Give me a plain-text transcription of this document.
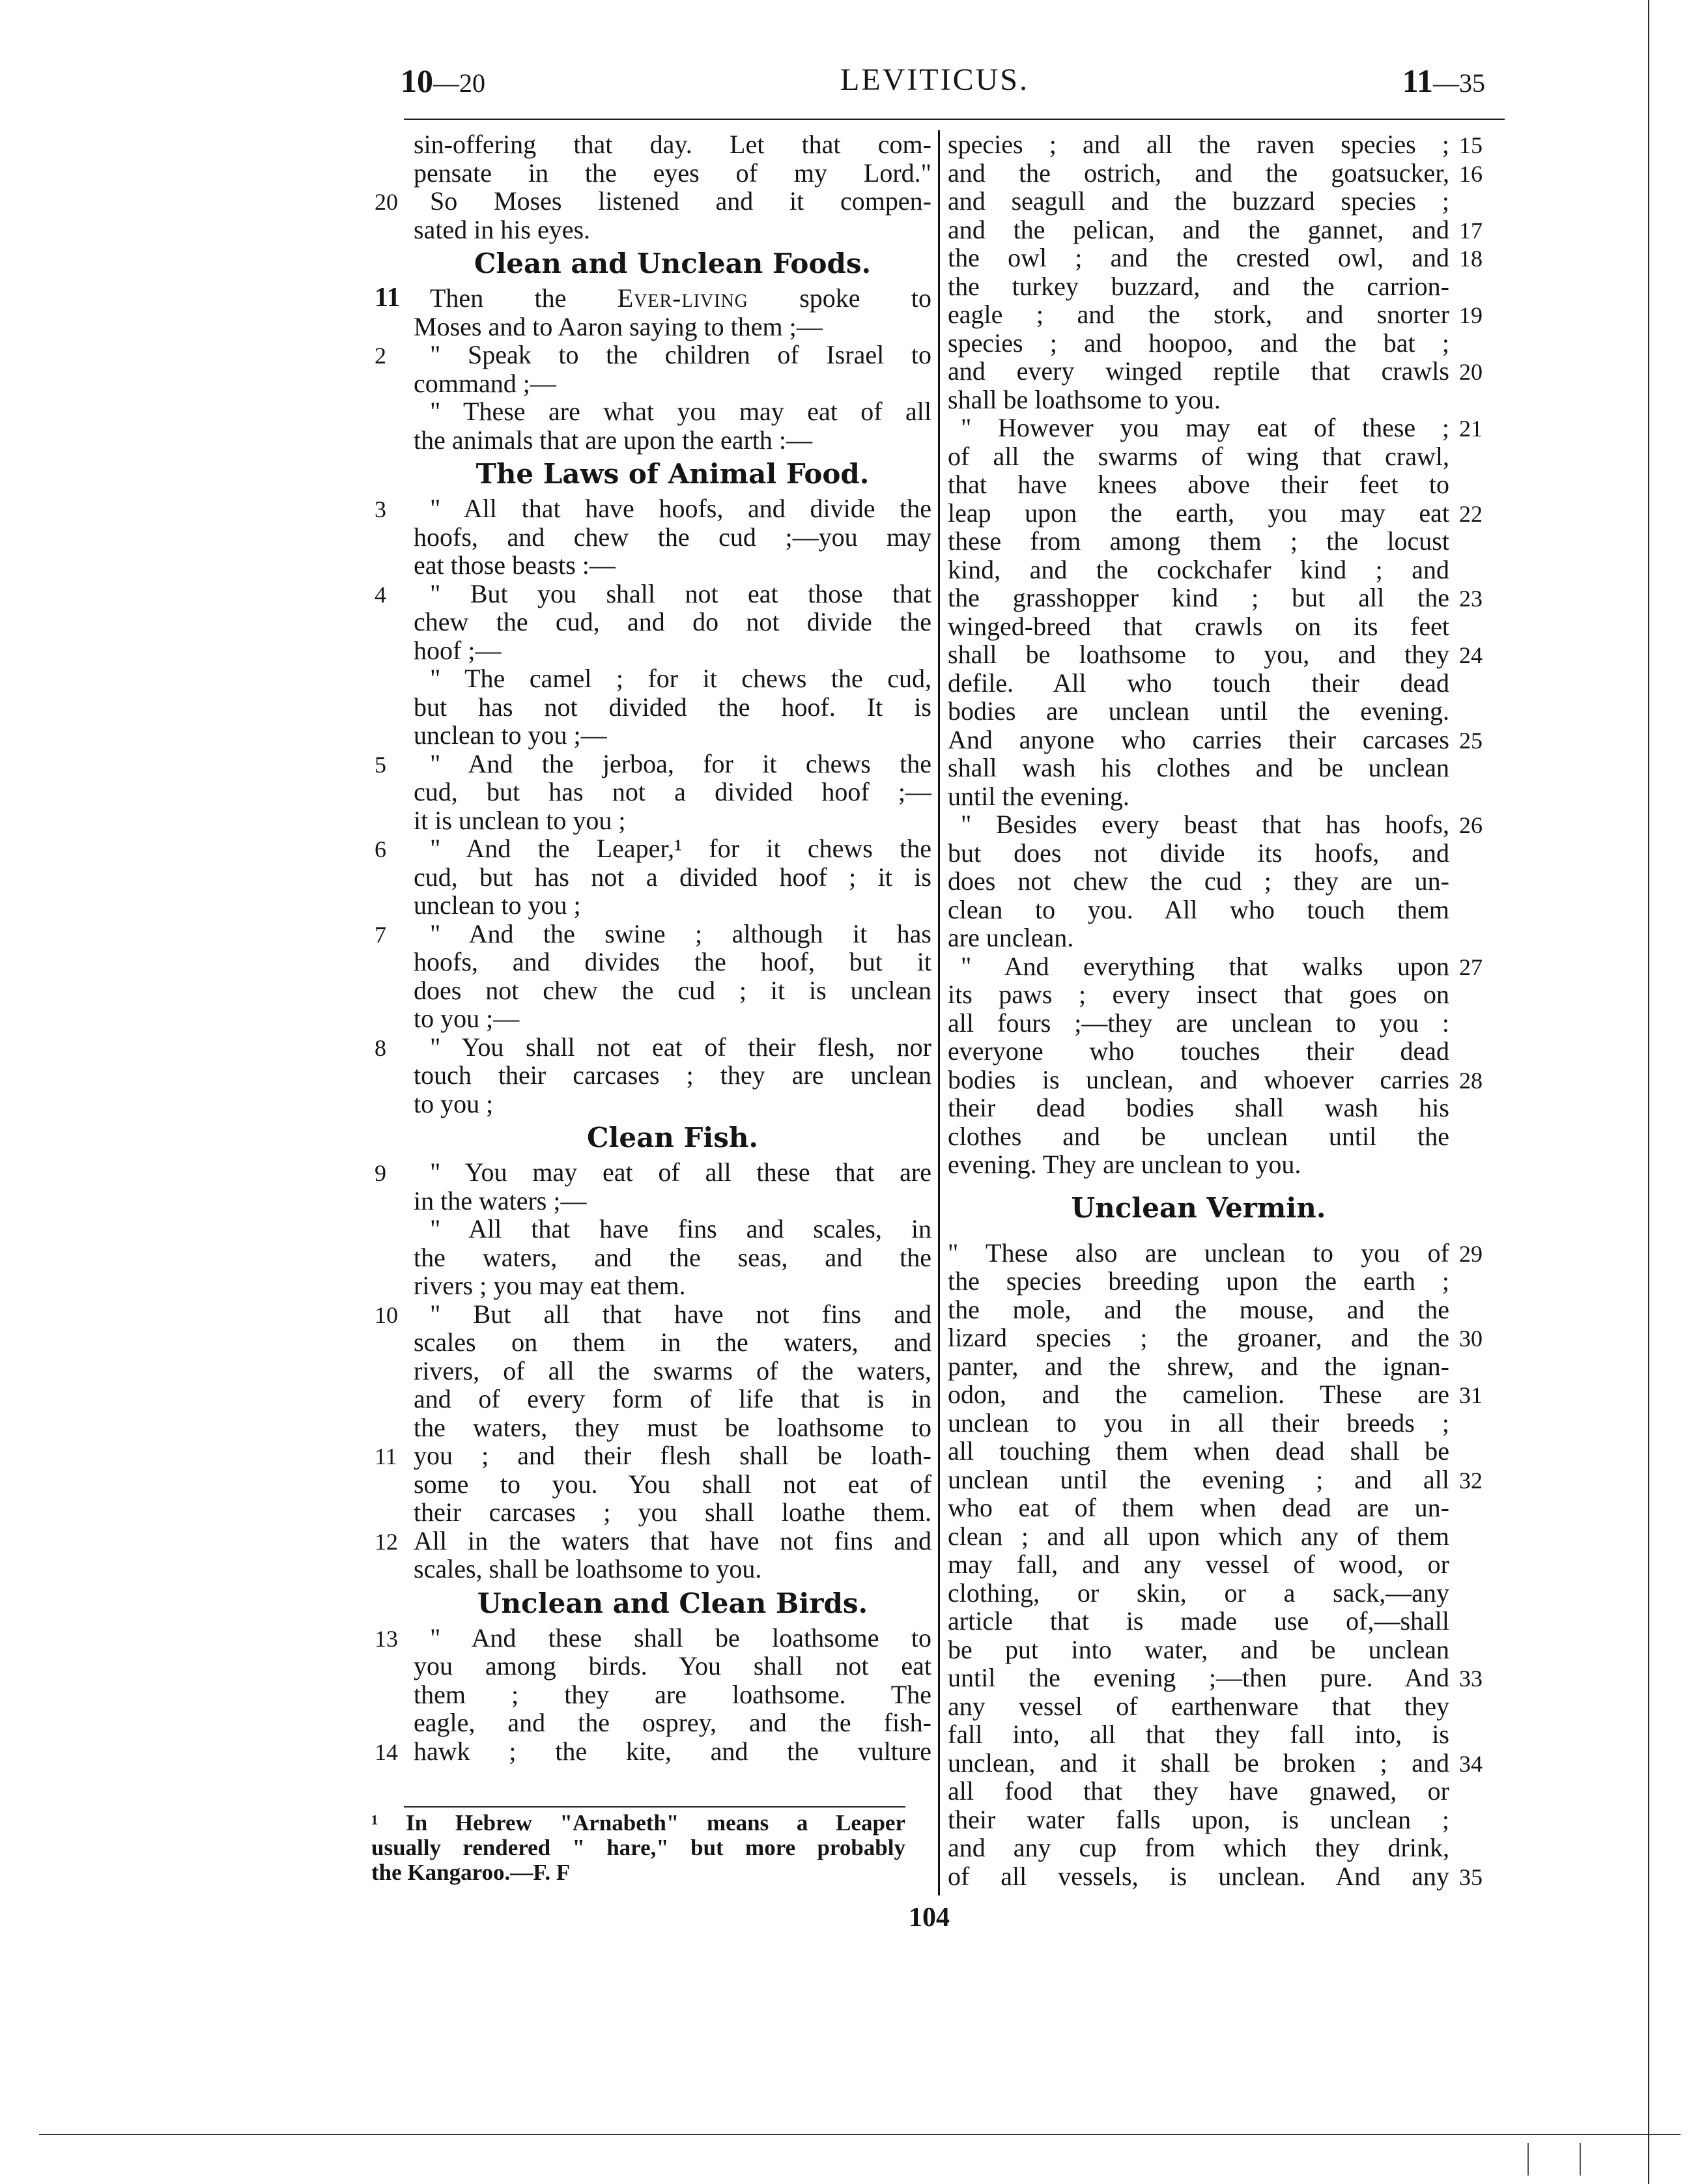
10—20	LEVITICUS.	11—35
sin-offering that day. Let that com-
pensate in the eyes of my Lord."
20 So Moses listened and it compen-
sated in his eyes.
Clean and Unclean Foods.
11 Then the Ever-living spoke to
Moses and to Aaron saying to them ;—
2 " Speak to the children of Israel to
command ;—
" These are what you may eat of all
the animals that are upon the earth :—
The Laws of Animal Food.
3 " All that have hoofs, and divide the
hoofs, and chew the cud ;—you may
eat those beasts :—
4 " But you shall not eat those that
chew the cud, and do not divide the
hoof ;—
" The camel ; for it chews the cud,
but has not divided the hoof. It is
unclean to you ;—
5 " And the jerboa, for it chews the
cud, but has not a divided hoof ;—
it is unclean to you ;
6 " And the Leaper,¹ for it chews the
cud, but has not a divided hoof ; it is
unclean to you ;
7 " And the swine ; although it has
hoofs, and divides the hoof, but it
does not chew the cud ; it is unclean
to you ;—
8 " You shall not eat of their flesh, nor
touch their carcases ; they are unclean
to you ;
Clean Fish.
9 " You may eat of all these that are
in the waters ;—
" All that have fins and scales, in
the waters, and the seas, and the
rivers ; you may eat them.
10 " But all that have not fins and
scales on them in the waters, and
rivers, of all the swarms of the waters,
and of every form of life that is in
the waters, they must be loathsome to
11 you ; and their flesh shall be loath-
some to you. You shall not eat of
their carcases ; you shall loathe them.
12 All in the waters that have not fins and
scales, shall be loathsome to you.
Unclean and Clean Birds.
13 " And these shall be loathsome to
you among birds. You shall not eat
them ; they are loathsome. The
eagle, and the osprey, and the fish-
14 hawk ; the kite, and the vulture
15
species ; and all the raven species ;
16
and the ostrich, and the goatsucker,
and seagull and the buzzard species ;
17
and the pelican, and the gannet, and
18
the owl ; and the crested owl, and
the turkey buzzard, and the carrion-
19
eagle ; and the stork, and snorter
species ; and hoopoo, and the bat ;
20
and every winged reptile that crawls
shall be loathsome to you.
21
" However you may eat of these ;
of all the swarms of wing that crawl,
that have knees above their feet to
22
leap upon the earth, you may eat
these from among them ; the locust
kind, and the cockchafer kind ; and
23
the grasshopper kind ; but all the
winged-breed that crawls on its feet
24
shall be loathsome to you, and they
defile. All who touch their dead
bodies are unclean until the evening.
25
And anyone who carries their carcases
shall wash his clothes and be unclean
until the evening.
26
" Besides every beast that has hoofs,
but does not divide its hoofs, and
does not chew the cud ; they are un-
clean to you. All who touch them
are unclean.
27
" And everything that walks upon
its paws ; every insect that goes on
all fours ;—they are unclean to you :
everyone who touches their dead
28
bodies is unclean, and whoever carries
their dead bodies shall wash his
clothes and be unclean until the
evening. They are unclean to you.
Unclean Vermin.
29
" These also are unclean to you of
the species breeding upon the earth ;
the mole, and the mouse, and the
30
lizard species ; the groaner, and the
panter, and the shrew, and the ignan-
31
odon, and the camelion. These are
unclean to you in all their breeds ;
all touching them when dead shall be
32
unclean until the evening ; and all
who eat of them when dead are un-
clean ; and all upon which any of them
may fall, and any vessel of wood, or
clothing, or skin, or a sack,—any
article that is made use of,—shall
be put into water, and be unclean
33
until the evening ;—then pure. And
any vessel of earthenware that they
fall into, all that they fall into, is
34
unclean, and it shall be broken ; and
all food that they have gnawed, or
their water falls upon, is unclean ;
and any cup from which they drink,
35
of all vessels, is unclean. And any
¹ In Hebrew "Arnabeth" means a Leaper
usually rendered " hare," but more probably
the Kangaroo.—F. F
104
